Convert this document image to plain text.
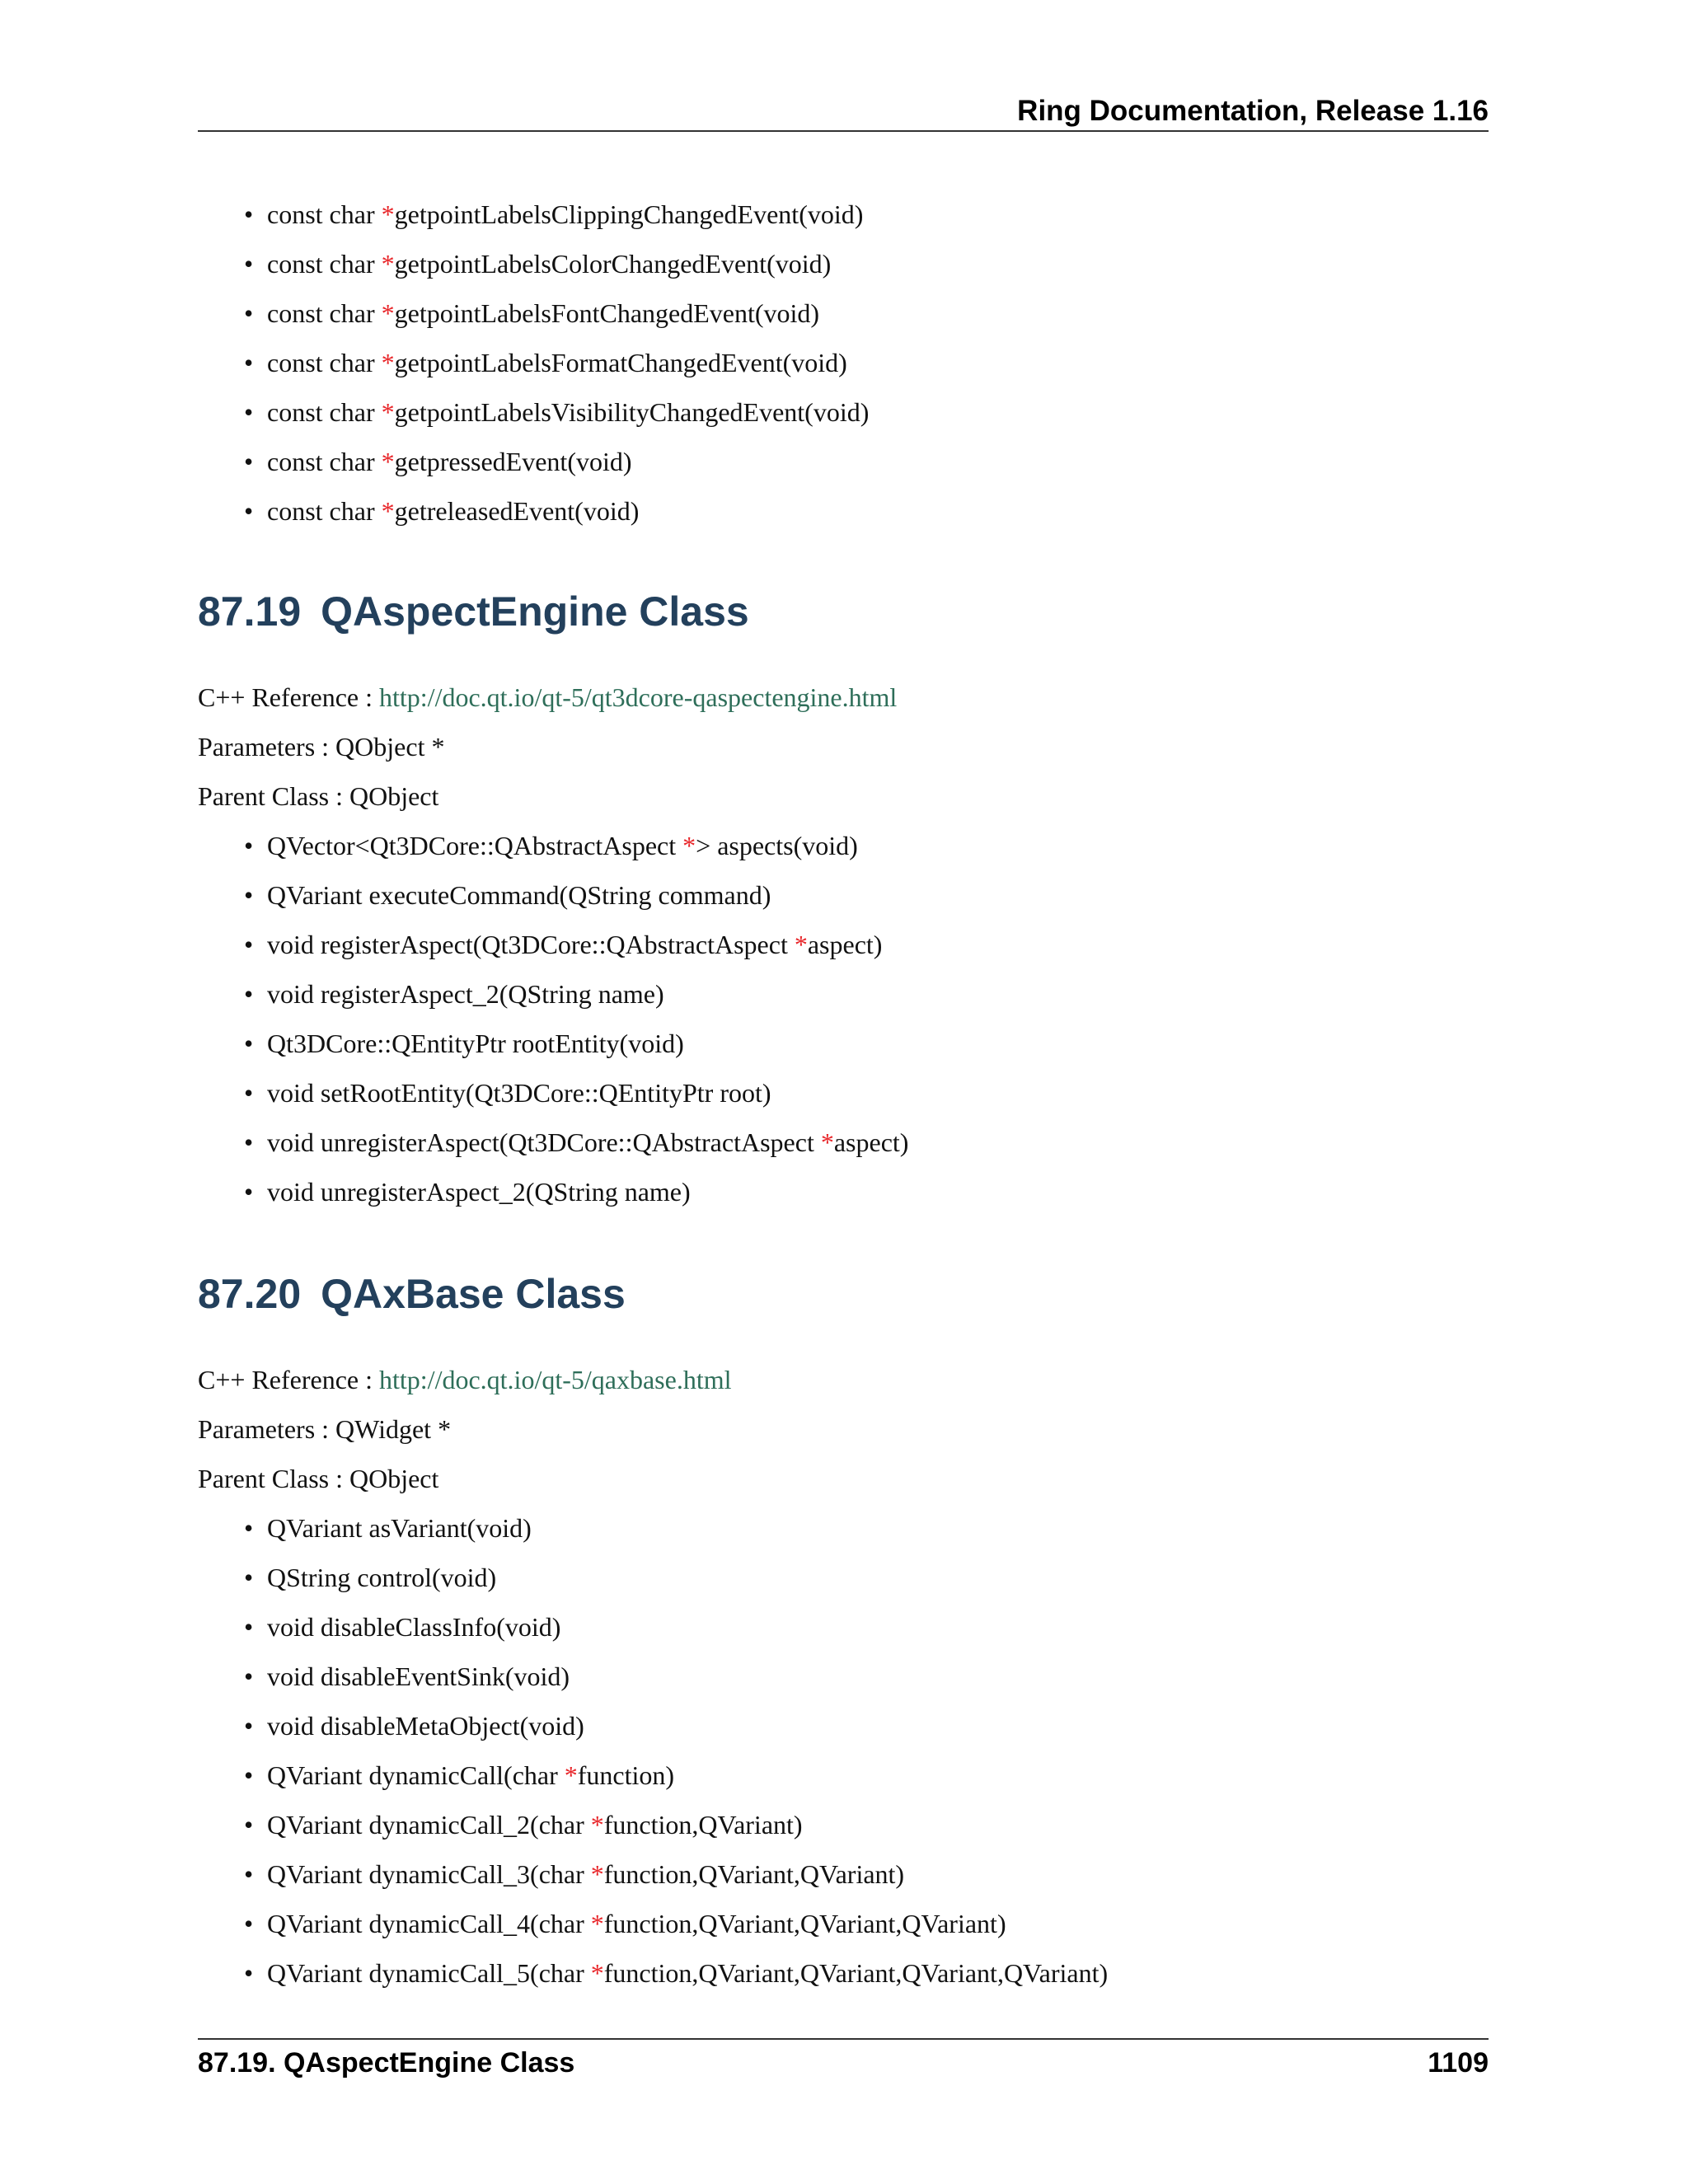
Ring Documentation, Release 1.16
• const char *getpointLabelsClippingChangedEvent(void)
• const char *getpointLabelsColorChangedEvent(void)
• const char *getpointLabelsFontChangedEvent(void)
• const char *getpointLabelsFormatChangedEvent(void)
• const char *getpointLabelsVisibilityChangedEvent(void)
• const char *getpressedEvent(void)
• const char *getreleasedEvent(void)
87.19 QAspectEngine Class
C++ Reference : http://doc.qt.io/qt-5/qt3dcore-qaspectengine.html
Parameters : QObject *
Parent Class : QObject
• QVector<Qt3DCore::QAbstractAspect *> aspects(void)
• QVariant executeCommand(QString command)
• void registerAspect(Qt3DCore::QAbstractAspect *aspect)
• void registerAspect_2(QString name)
• Qt3DCore::QEntityPtr rootEntity(void)
• void setRootEntity(Qt3DCore::QEntityPtr root)
• void unregisterAspect(Qt3DCore::QAbstractAspect *aspect)
• void unregisterAspect_2(QString name)
87.20 QAxBase Class
C++ Reference : http://doc.qt.io/qt-5/qaxbase.html
Parameters : QWidget *
Parent Class : QObject
• QVariant asVariant(void)
• QString control(void)
• void disableClassInfo(void)
• void disableEventSink(void)
• void disableMetaObject(void)
• QVariant dynamicCall(char *function)
• QVariant dynamicCall_2(char *function,QVariant)
• QVariant dynamicCall_3(char *function,QVariant,QVariant)
• QVariant dynamicCall_4(char *function,QVariant,QVariant,QVariant)
• QVariant dynamicCall_5(char *function,QVariant,QVariant,QVariant,QVariant)
87.19. QAspectEngine Class	1109
